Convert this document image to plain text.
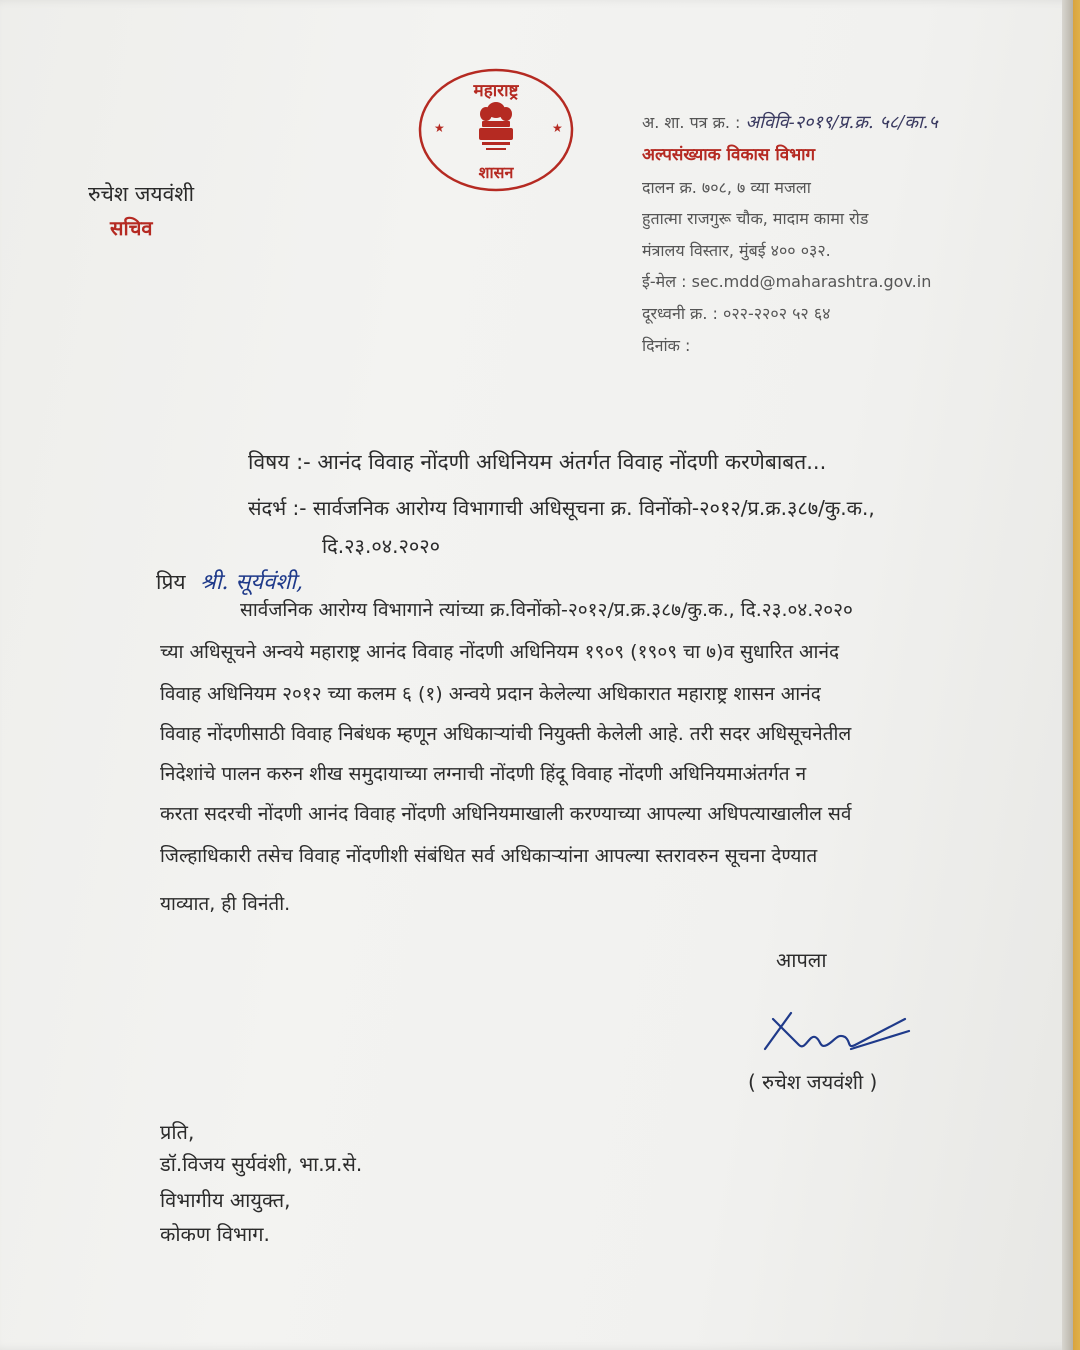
महाराष्ट्र
शासन
★	★
रुचेश जयवंशी
सचिव
अ. शा. पत्र क्र. : अविवि-२०१९/प्र.क्र. ५८/का.५
अल्पसंख्याक विकास विभाग
दालन क्र. ७०८, ७ व्या मजला
हुतात्मा राजगुरू चौक, मादाम कामा रोड
मंत्रालय विस्तार, मुंबई ४०० ०३२.
ई-मेल : sec.mdd@maharashtra.gov.in
दूरध्वनी क्र. : ०२२-२२०२ ५२ ६४
दिनांक :
विषय :- आनंद विवाह नोंदणी अधिनियम अंतर्गत विवाह नोंदणी करणेबाबत...
संदर्भ :- सार्वजनिक आरोग्य विभागाची अधिसूचना क्र. विनोंको-२०१२/प्र.क्र.३८७/कु.क.,
दि.२३.०४.२०२०
प्रिय श्री. सूर्यवंशी,
सार्वजनिक आरोग्य विभागाने त्यांच्या क्र.विनोंको-२०१२/प्र.क्र.३८७/कु.क., दि.२३.०४.२०२०
च्या अधिसूचने अन्वये महाराष्ट्र आनंद विवाह नोंदणी अधिनियम १९०९ (१९०९ चा ७)व सुधारित आनंद
विवाह अधिनियम २०१२ च्या कलम ६ (१) अन्वये प्रदान केलेल्या अधिकारात महाराष्ट्र शासन आनंद
विवाह नोंदणीसाठी विवाह निबंधक म्हणून अधिकाऱ्यांची नियुक्ती केलेली आहे. तरी सदर अधिसूचनेतील
निदेशांचे पालन करुन शीख समुदायाच्या लग्नाची नोंदणी हिंदू विवाह नोंदणी अधिनियमाअंतर्गत न
करता सदरची नोंदणी आनंद विवाह नोंदणी अधिनियमाखाली करण्याच्या आपल्या अधिपत्याखालील सर्व
जिल्हाधिकारी तसेच विवाह नोंदणीशी संबंधित सर्व अधिकाऱ्यांना आपल्या स्तरावरुन सूचना देण्यात
याव्यात, ही विनंती.
आपला
( रुचेश जयवंशी )
प्रति,
डॉ.विजय सुर्यवंशी, भा.प्र.से.
विभागीय आयुक्त,
कोकण विभाग.
